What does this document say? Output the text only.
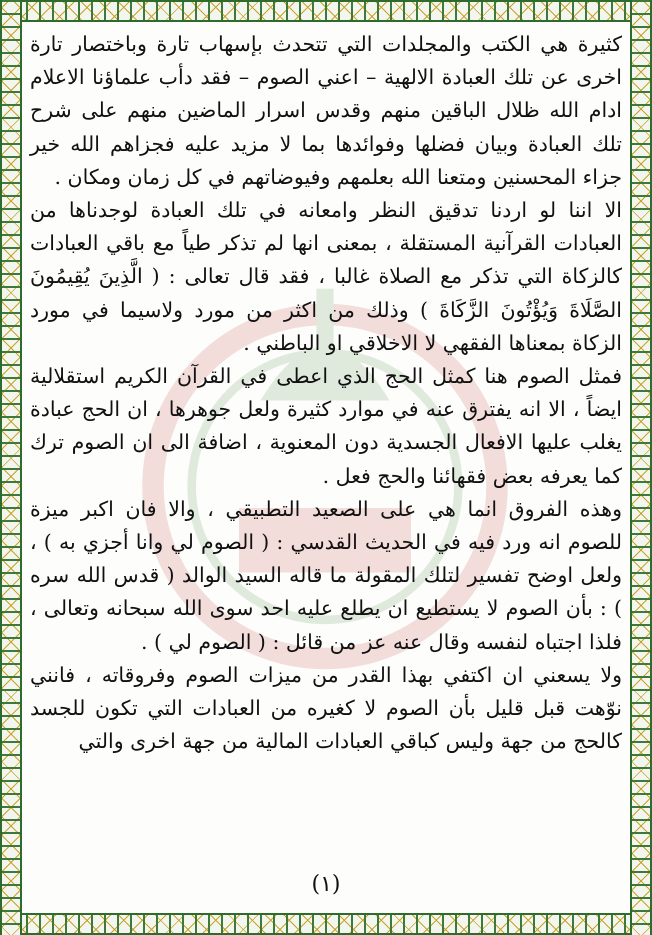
كثيرة هي الكتب والمجلدات التي تتحدث بإسهاب تارة وباختصار تارة اخرى عن تلك العبادة الالهية – اعني الصوم – فقد دأب علماؤنا الاعلام ادام الله ظلال الباقين منهم وقدس اسرار الماضين منهم على شرح تلك العبادة وبيان فضلها وفوائدها بما لا مزيد عليه فجزاهم الله خير جزاء المحسنين ومتعنا الله بعلمهم وفيوضاتهم في كل زمان ومكان .

الا اننا لو اردنا تدقيق النظر وامعانه في تلك العبادة لوجدناها من العبادات القرآنية المستقلة ، بمعنى انها لم تذكر طياً مع باقي العبادات كالزكاة التي تذكر مع الصلاة غالبا ، فقد قال تعالى : ( الَّذِينَ يُقِيمُونَ الصَّلَاةَ وَيُؤْتُونَ الزَّكَاةَ ) وذلك من اكثر من مورد ولاسيما في مورد الزكاة بمعناها الفقهي لا الاخلاقي او الباطني .

فمثل الصوم هنا كمثل الحج الذي اعطى في القرآن الكريم استقلالية ايضاً ، الا انه يفترق عنه في موارد كثيرة ولعل جوهرها ، ان الحج عبادة يغلب عليها الافعال الجسدية دون المعنوية ، اضافة الى ان الصوم ترك كما يعرفه بعض فقهائنا والحج فعل .

وهذه الفروق انما هي على الصعيد التطبيقي ، والا فان اكبر ميزة للصوم انه ورد فيه في الحديث القدسي : ( الصوم لي وانا أجزي به ) ، ولعل اوضح تفسير لتلك المقولة ما قاله السيد الوالد ( قدس الله سره ) : بأن الصوم لا يستطيع ان يطلع عليه احد سوى الله سبحانه وتعالى ، فلذا اجتباه لنفسه وقال عنه عز من قائل : ( الصوم لي ) .

ولا يسعني ان اكتفي بهذا القدر من ميزات الصوم وفروقاته ، فانني نوّهت قبل قليل بأن الصوم لا كغيره من العبادات التي تكون للجسد كالحج من جهة وليس كباقي العبادات المالية من جهة اخرى والتي

(١)
